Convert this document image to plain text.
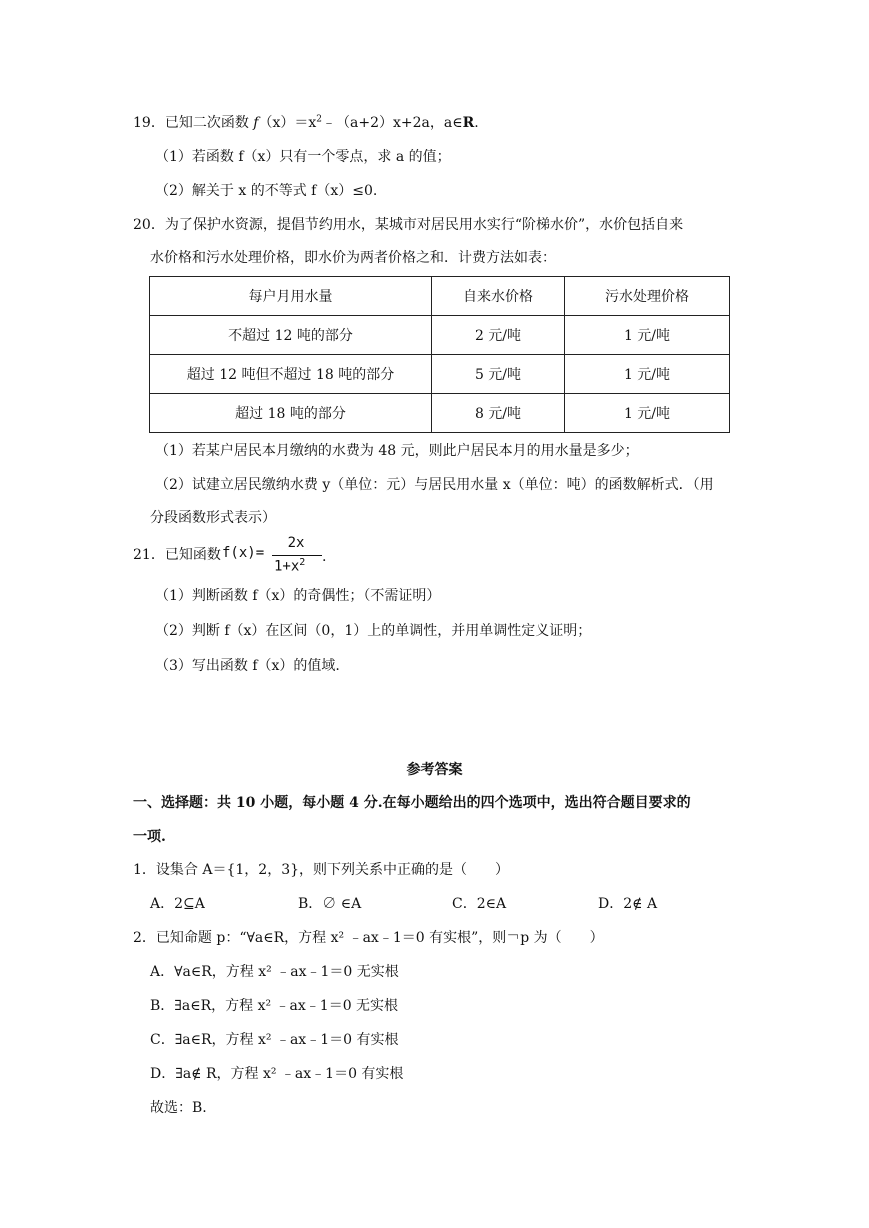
19．已知二次函数 $f(x)=x^2﹣(a+2)x+2a$，a∈R.
（1）若函数 f（x）只有一个零点，求 a 的值；
（2）解关于 x 的不等式 f（x）≤0.
20．为了保护水资源，提倡节约用水，某城市对居民用水实行“阶梯水价”，水价包括自来
水价格和污水处理价格，即水价为两者价格之和．计费方法如表：
每户月用水量	自来水价格	污水处理价格
不超过 12 吨的部分	2 元/吨	1 元/吨
超过 12 吨但不超过 18 吨的部分	5 元/吨	1 元/吨
超过 18 吨的部分	8 元/吨	1 元/吨
（1）若某户居民本月缴纳的水费为 48 元，则此户居民本月的用水量是多少；
（2）试建立居民缴纳水费 y（单位：元）与居民用水量 x（单位：吨）的函数解析式．（用
分段函数形式表示）
21．已知函数 f(x)=
2x
$1+x^2$ .
（1）判断函数 f（x）的奇偶性；（不需证明）
（2）判断 f（x）在区间（0，1）上的单调性，并用单调性定义证明；
（3）写出函数 f（x）的值域.
参考答案
一、选择题：共 10 小题，每小题 4 分.在每小题给出的四个选项中，选出符合题目要求的
一项.
1．设集合 A＝{1，2，3}，则下列关系中正确的是（　　）
A．2⊆A	B．∅ ∈A	C．2∈A	D．2∉ A
2．已知命题 p：“∀a∈R，方程 x² ﹣ax﹣1＝0 有实根”，则￢p 为（　　）
A．∀a∈R，方程 x² ﹣ax﹣1＝0 无实根
B．∃a∈R，方程 x² ﹣ax﹣1＝0 无实根
C．∃a∈R，方程 x² ﹣ax﹣1＝0 有实根
D．∃a∉ R，方程 x² ﹣ax﹣1＝0 有实根
故选：B.
